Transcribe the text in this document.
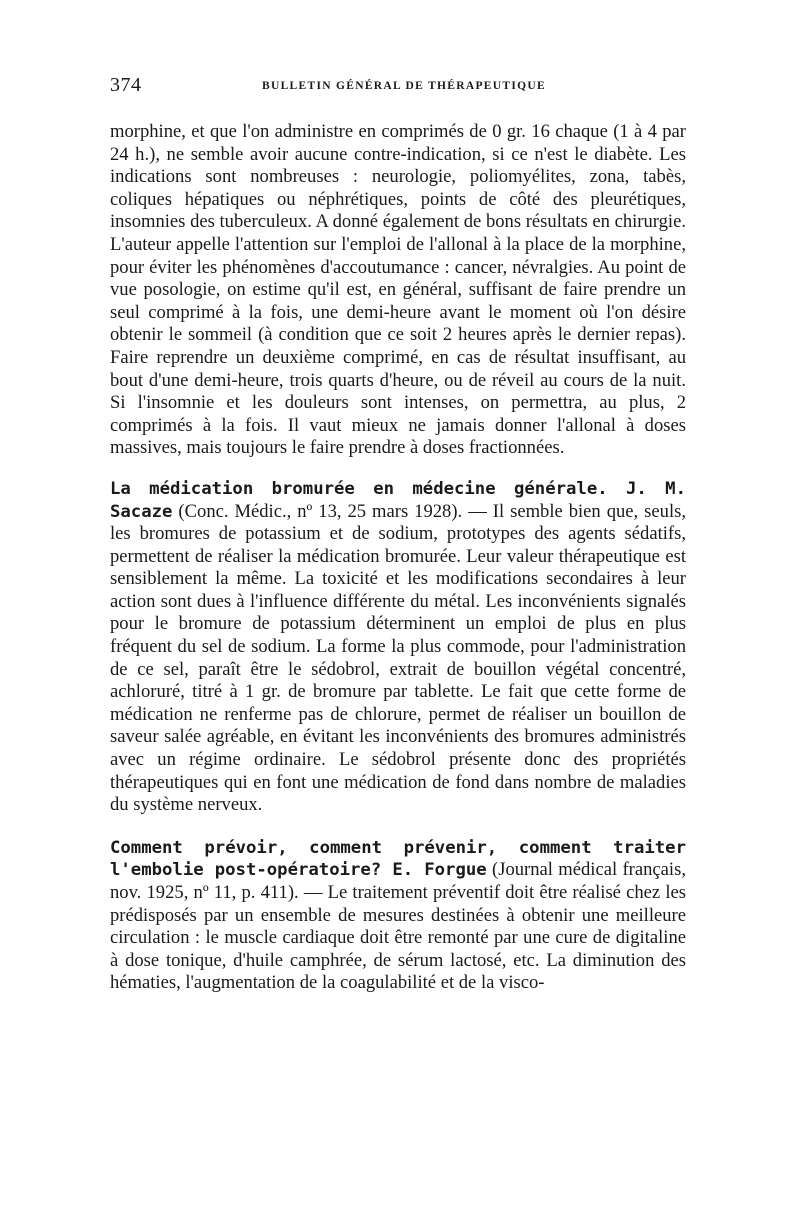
374	BULLETIN GÉNÉRAL DE THÉRAPEUTIQUE

morphine, et que l'on administre en comprimés de 0 gr. 16 chaque (1 à 4 par 24 h.), ne semble avoir aucune contre-indication, si ce n'est le diabète. Les indications sont nombreuses : neurologie, poliomyélites, zona, tabès, coliques hépatiques ou néphrétiques, points de côté des pleurétiques, insomnies des tuberculeux. A donné également de bons résultats en chirurgie. L'auteur appelle l'attention sur l'emploi de l'allonal à la place de la morphine, pour éviter les phénomènes d'accoutumance : cancer, névralgies. Au point de vue posologie, on estime qu'il est, en général, suffisant de faire prendre un seul comprimé à la fois, une demi-heure avant le moment où l'on désire obtenir le sommeil (à condition que ce soit 2 heures après le dernier repas). Faire reprendre un deuxième comprimé, en cas de résultat insuffisant, au bout d'une demi-heure, trois quarts d'heure, ou de réveil au cours de la nuit. Si l'insomnie et les douleurs sont intenses, on permettra, au plus, 2 comprimés à la fois. Il vaut mieux ne jamais donner l'allonal à doses massives, mais toujours le faire prendre à doses fractionnées.

La médication bromurée en médecine générale. J. M. Sacaze (Conc. Médic., nº 13, 25 mars 1928). — Il semble bien que, seuls, les bromures de potassium et de sodium, prototypes des agents sédatifs, permettent de réaliser la médication bromurée. Leur valeur thérapeutique est sensiblement la même. La toxicité et les modifications secondaires à leur action sont dues à l'influence différente du métal. Les inconvénients signalés pour le bromure de potassium déterminent un emploi de plus en plus fréquent du sel de sodium. La forme la plus commode, pour l'administration de ce sel, paraît être le sédobrol, extrait de bouillon végétal concentré, achloruré, titré à 1 gr. de bromure par tablette. Le fait que cette forme de médication ne renferme pas de chlorure, permet de réaliser un bouillon de saveur salée agréable, en évitant les inconvénients des bromures administrés avec un régime ordinaire. Le sédobrol présente donc des propriétés thérapeutiques qui en font une médication de fond dans nombre de maladies du système nerveux.

Comment prévoir, comment prévenir, comment traiter l'embolie post-opératoire? E. Forgue (Journal médical français, nov. 1925, nº 11, p. 411). — Le traitement préventif doit être réalisé chez les prédisposés par un ensemble de mesures destinées à obtenir une meilleure circulation : le muscle cardiaque doit être remonté par une cure de digitaline à dose tonique, d'huile camphrée, de sérum lactosé, etc. La diminution des hématies, l'augmentation de la coagulabilité et de la visco-
